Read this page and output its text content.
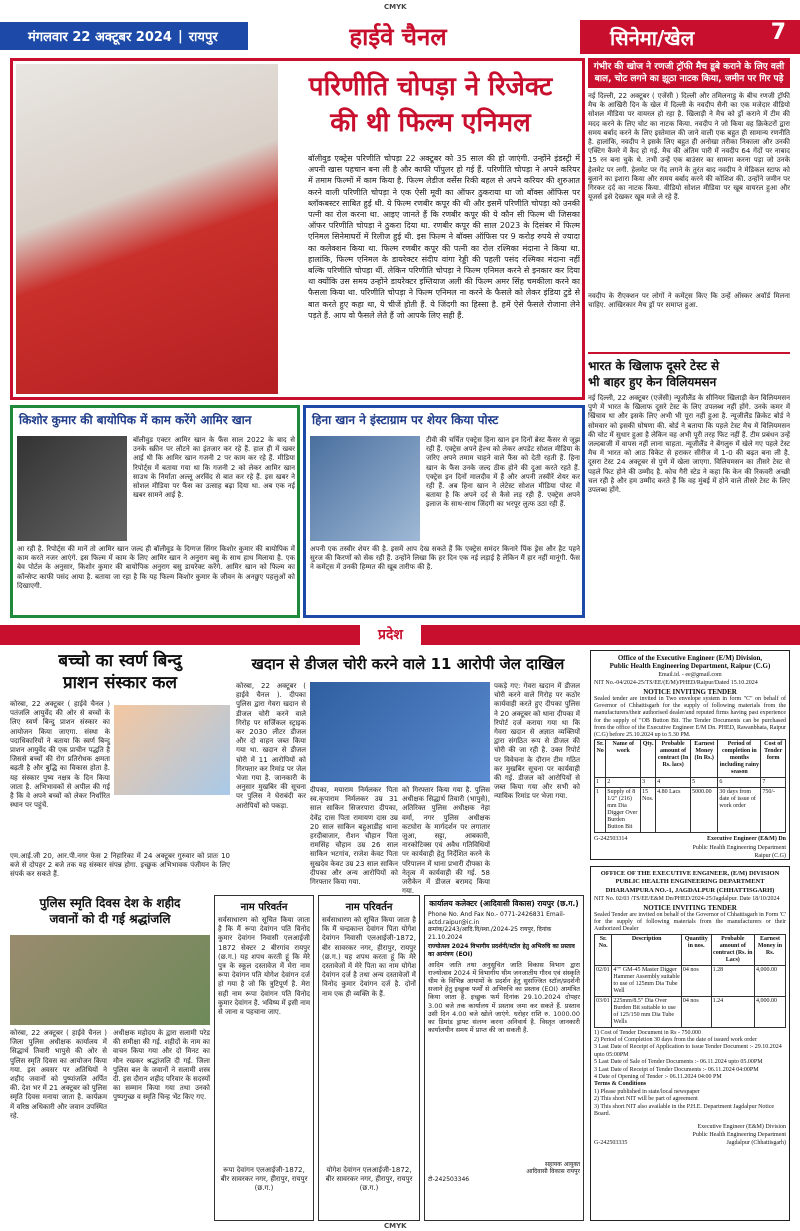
CMYK
मंगलवार 22 अक्टूबर 2024 | रायपुर	हाईवे चैनल	सिनेमा/खेल	7
परिणीति चोपड़ा ने रिजेक्ट
की थी फिल्म एनिमल
बॉलीवुड एक्ट्रेस परिणीति चोपड़ा 22 अक्टूबर को 35 साल की हो जाएंगी. उन्होंने इंडस्ट्री में अपनी खास पहचान बना ली है और काफी पॉपुलर हो गई हैं. परिणीति चोपड़ा ने अपने करियर में तमाम फिल्मों में काम किया है. फिल्म लेडीज वर्सेस रिकी बहल से अपने करियर की शुरुआत करने वाली परिणीति चोपड़ा ने एक ऐसी मूवी का ऑफर ठुकराया था जो बॉक्स ऑफिस पर ब्लॉकबस्टर साबित हुई थी. ये फिल्म रणबीर कपूर की थी और इसमें परिणीति चोपड़ा को उनकी पत्नी का रोल करना था. आइए जानते हैं कि रणबीर कपूर की ये कौन सी फिल्म थी जिसका ऑफर परिणीति चोपड़ा ने ठुकरा दिया था. रणबीर कपूर की साल 2023 के दिसंबर में फिल्म एनिमल सिनेमाघरों में रिलीज हुई थी. इस फिल्म ने बॉक्स ऑफिस पर 9 करोड़ रुपये से ज्यादा का कलेक्शन किया था. फिल्म रणबीर कपूर की पत्नी का रोल रश्मिका मंदाना ने किया था. हालांकि, फिल्म एनिमल के डायरेक्टर संदीप वांगा रेड्डी की पहली पसंद रश्मिका मंदाना नहीं बल्कि परिणीति चोपड़ा थीं. लेकिन परिणीति चोपड़ा ने फिल्म एनिमल करने से इनकार कर दिया था क्योंकि उस समय उन्होंने डायरेक्टर इम्तियाज अली की फिल्म अमर सिंह चमकीला करने का फैसला किया था. परिणीति चोपड़ा ने फिल्म एनिमल ना करने के फैसले को लेकर इंडिया टुडे से बात करते हुए कहा था, ये चीजें होती हैं. ये जिंदगी का हिस्सा है. हमें ऐसे फैसले रोजाना लेने पड़ते हैं. आप वो फैसले लेते हैं जो आपके लिए सही हैं.
गंभीर की खोज ने रणजी ट्रॉफी मैच डूबे कराने के लिए वली बाल, चोट लगने का झूठा नाटक किया, जमीन पर गिर पड़े
नई दिल्ली, 22 अक्टूबर ( एजेंसी ) दिल्ली और तमिलनाडु के बीच रणजी ट्रॉफी मैच के आखिरी दिन के खेल में दिल्ली के नवदीप सैनी का एक मजेदार वीडियो सोशल मीडिया पर वायरल हो रहा है. खिलाड़ी ने मैच को ड्रॉ कराने में टीम की मदद करने के लिए चोट का नाटक किया. नवदीप ने जो किया वह क्रिकेटरों द्वारा समय बर्बाद करने के लिए इस्तेमाल की जाने वाली एक बहुत ही सामान्य रणनीति है. हालांकि, नवदीप ने इसके लिए बहुत ही अनोखा तरीका निकाला और उनकी एक्टिंग कैमरे में कैद हो गई. मैच की अंतिम पारी में नवदीप 64 गेंदों पर नाबाद 15 रन बना चुके थे. तभी उन्हें एक बाउंसर का सामना करना पड़ा जो उनके हेलमेट पर लगी. हेलमेट पर गेंद लगने के तुरंत बाद नवदीप ने मेडिकल स्टाफ को बुलाने का इशारा किया और समय बर्बाद करने की कोशिश की. उन्होंने जमीन पर गिरकर दर्द का नाटक किया. वीडियो सोशल मीडिया पर खूब वायरल हुआ और यूजर्स इसे देखकर खूब मजे ले रहे हैं.
नवदीप के रीएक्शन पर लोगों ने कमेंट्स किए कि उन्हें ऑस्कर अवॉर्ड मिलना चाहिए. आखिरकार मैच ड्रॉ पर समाप्त हुआ.
भारत के खिलाफ दूसरे टेस्ट से
भी बाहर हुए केन विलियमसन
नई दिल्ली, 22 अक्टूबर (एजेंसी) न्यूजीलैंड के सीनियर खिलाड़ी केन विलियमसन पुणे में भारत के खिलाफ दूसरे टेस्ट के लिए उपलब्ध नहीं होंगे. उनके कमर में खिंचाव था और इसके लिए अभी भी पूरा नहीं हुआ है. न्यूजीलैंड क्रिकेट बोर्ड ने सोमवार को इसकी घोषणा की. बोर्ड ने बताया कि पहले टेस्ट मैच में विलियमसन की चोट में सुधार हुआ है लेकिन वह अभी पूरी तरह फिट नहीं हैं. टीम प्रबंधन उन्हें जल्दबाजी में वापस नहीं लाना चाहता. न्यूजीलैंड ने बेंगलुरु में खेले गए पहले टेस्ट मैच में भारत को आठ विकेट से हराकर सीरीज में 1-0 की बढ़त बना ली है. दूसरा टेस्ट 24 अक्टूबर से पुणे में खेला जाएगा. विलियमसन का तीसरे टेस्ट से पहले फिट होने की उम्मीद है. कोच गैरी स्टेड ने कहा कि केन की रिकवरी अच्छी चल रही है और हम उम्मीद करते हैं कि वह मुंबई में होने वाले तीसरे टेस्ट के लिए उपलब्ध होंगे.
किशोर कुमार की बायोपिक में काम करेंगे आमिर खान
बॉलीवुड एक्टर आमिर खान के फैंस साल 2022 के बाद से उनके स्क्रीन पर लौटने का इंतजार कर रहे हैं. हाल ही में खबर आई थी कि आमिर खान गजनी 2 पर काम कर रहे हैं. मीडिया रिपोर्ट्स में बताया गया था कि गजनी 2 को लेकर आमिर खान साउथ के निर्माता अल्लू अरविंद से बात कर रहे हैं. इस खबर ने सोशल मीडिया पर फैंस का उत्साह बढ़ा दिया था. अब एक नई खबर सामने आई है.
आ रही है. रिपोर्ट्स की मानें तो आमिर खान जल्द ही बॉलीवुड के दिग्गज सिंगर किशोर कुमार की बायोपिक में काम करते नजर आएंगे. इस फिल्म में काम के लिए आमिर खान ने अनुराग बसु के साथ हाथ मिलाया है. एक बेव पोर्टल के अनुसार, किशोर कुमार की बायोपिक अनुराग बसु डायरेक्ट करेंगे. आमिर खान को फिल्म का कॉन्सेप्ट काफी पसंद आया है. बताया जा रहा है कि यह फिल्म किशोर कुमार के जीवन के अनछुए पहलुओं को दिखाएगी.
हिना खान ने इंस्टाग्राम पर शेयर किया पोस्ट
टीवी की चर्चित एक्ट्रेस हिना खान इन दिनों ब्रेस्ट कैंसर से जूझ रही हैं. एक्ट्रेस अपने हेल्थ को लेकर अपडेट सोशल मीडिया के जरिए अपने तमाम चाहने वाले फैंस को देती रहती हैं. हिना खान के फैंस उनके जल्द ठीक होने की दुआ करते रहते हैं. एक्ट्रेस इन दिनों मालदीव में हैं और अपनी तस्वीरें शेयर कर रही हैं. अब हिना खान ने लेटेस्ट सोशल मीडिया पोस्ट में बताया है कि अपने दर्द से कैसे लड़ रही हैं. एक्ट्रेस अपने इलाज के साथ-साथ जिंदगी का भरपूर लुत्फ उठा रही हैं.
अपनी एक तस्वीर शेयर की है. इसमें आप देख सकते हैं कि एक्ट्रेस समंदर किनारे पिंक ड्रेस और हैट पहने सुरज की किरणों को सेंक रही हैं. उन्होंने लिखा कि हर दिन एक नई लड़ाई है लेकिन मैं हार नहीं मानूंगी. फैंस ने कमेंट्स में उनकी हिम्मत की खूब तारीफ की है.
प्रदेश
बच्चो का स्वर्ण बिन्दु
प्राशन संस्कार कल
कोरबा, 22 अक्टूबर ( हाईवे चैनल ) पतंजलि आयुर्वेद की ओर से बच्चों के लिए स्वर्ण बिन्दु प्राशन संस्कार का आयोजन किया जाएगा. संस्था के पदाधिकारियों ने बताया कि स्वर्ण बिन्दु प्राशन आयुर्वेद की एक प्राचीन पद्धति है जिससे बच्चों की रोग प्रतिरोधक क्षमता बढ़ती है और बुद्धि का विकास होता है. यह संस्कार पुष्य नक्षत्र के दिन किया जाता है. अभिभावकों से अपील की गई है कि वे अपने बच्चों को लेकर निर्धारित स्थान पर पहुंचें.
एम.आई.जी 20, आर.पी.नगर फेस 2 निहारिका में 24 अक्टूबर गुरुवार को प्रातः 10 बजे से दोपहर 2 बजे तक यह संस्कार संपन्न होगा. इच्छुक अभिभावक पंजीयन के लिए संपर्क कर सकते हैं.
खदान से डीजल चोरी करने वाले 11 आरोपी जेल दाखिल
कोरबा, 22 अक्टूबर ( हाईवे चैनल ). दीपका पुलिस द्वारा गेवरा खदान से डीजल चोरी करने वाले गिरोह पर सर्जिकल स्ट्राइक कर 2030 लीटर डीजल और दो वाहन जब्त किया गया था. खदान से डीजल चोरी में 11 आरोपियों को गिरफ्तार कर रिमांड पर जेल भेजा गया है. जानकारी के अनुसार मुखबिर की सूचना पर पुलिस ने घेराबंदी कर आरोपियों को पकड़ा.
दीपका, मयाराम निर्मलकर पिता स्व.कृपाराम निर्मलकर उम्र 31 साल साकिन सिजरपारा दीपका, देवेंद्र दास पिता रामायण दास उम्र 20 साल साकिन बहुआडीह थाना हरदीबाजार, रौशन चौहान पिता रामसिंह चौहान उम्र 26 साल साकिन भटगांव, राजेश केवट पिता सुखदेव केवट उम्र 23 साल साकिन दीपका और अन्य आरोपियों को गिरफ्तार किया गया.
को गिरफ्तार किया गया है. पुलिस अधीक्षक सिद्धार्थ तिवारी (भापुसे), अतिरिक्त पुलिस अधीक्षक नेहा वर्मा, नगर पुलिस अधीक्षक कटघोरा के मार्गदर्शन पर लगातार जुआ, सट्टा, आबकारी, नारकोटिक्स एवं अवैध गतिविधियों पर कार्यवाही हेतु निर्देशित करने के परिपालन में थाना प्रभारी दीपका के नेतृत्व में कार्यवाही की गई. 58 जरीकेन में डीजल बरामद किया गया.
पकड़े गए: गेवरा खदान में डीजल चोरी करने वाले गिरोह पर कठोर कार्यवाही करते हुए दीपका पुलिस ने 20 अक्टूबर को थाना दीपका में रिपोर्ट दर्ज कराया गया था कि गेवरा खदान से अज्ञात व्यक्तियों द्वारा संगठित रूप से डीजल की चोरी की जा रही है. उक्त रिपोर्ट पर विवेचना के दौरान टीम गठित कर मुखबिर सूचना पर कार्यवाही की गई. डीजल को आरोपियों से जब्त किया गया और सभी को न्यायिक रिमांड पर भेजा गया.
पुलिस स्मृति दिवस देश के शहीद
जवानों को दी गई श्रद्धांजलि
कोरबा, 22 अक्टूबर ( हाईवे चैनल ) जिला पुलिस अधीक्षक कार्यालय में सिद्धार्थ तिवारी भापुसे की ओर से पुलिस स्मृति दिवस का आयोजन किया गया. इस अवसर पर अतिथियों ने शहीद जवानों को पुष्पांजलि अर्पित की. देश भर में 21 अक्टूबर को पुलिस स्मृति दिवस मनाया जाता है. कार्यक्रम में वरिष्ठ अधिकारी और जवान उपस्थित रहे.
अधीक्षक महोदय के द्वारा सलामी परेड की समीक्षा की गई. शहीदों के नाम का वाचन किया गया और दो मिनट का मौन रखकर श्रद्धांजलि दी गई. जिला पुलिस बल के जवानों ने सलामी शस्त्र दी. इस दौरान शहीद परिवार के सदस्यों का सम्मान किया गया तथा उनको पुष्पगुच्छ व स्मृति चिन्ह भेंट किए गए.
नाम परिवर्तन
सर्वसाधारण को सूचित किया जाता है कि मैं रूपा देवांगन पति विनोद कुमार देवांगन निवासी एलआईजी 1872 सेक्टर 2 बीरगांव रायपुर (छ.ग.) यह शपथ करती हूं कि मेरे पुत्र के स्कूल दस्तावेज में मेरा नाम रूपा देवांगन पति योगेश देवांगन दर्ज हो गया है जो कि त्रुटिपूर्ण है. मेरा सही नाम रूपा देवांगन पति विनोद कुमार देवांगन है. भविष्य में इसी नाम से जाना व पहचाना जाए.
रूपा देवांगन एलआईजी-1872, बीर सावरकर नगर, हीरापुर, रायपुर (छ.ग.)
नाम परिवर्तन
सर्वसाधारण को सूचित किया जाता है कि मैं चन्द्रकान्त देवांगन पिता योगेश देवांगन निवासी एलआईजी-1872, बीर सावरकर नगर, हीरापुर, रायपुर (छ.ग.) यह शपथ करता हूं कि मेरे दस्तावेजों में मेरे पिता का नाम योगेश देवांगन दर्ज है तथा अन्य दस्तावेजों में विनोद कुमार देवांगन दर्ज है. दोनों नाम एक ही व्यक्ति के हैं.
योगेश देवांगन एलआईजी-1872, बीर सावरकर नगर, हीरापुर, रायपुर (छ.ग.)
कार्यालय कलेक्टर (आदिवासी विकास) रायपुर (छ.ग.)
Phone No. And Fax No.- 0771-2426831 Email-actd.raipur@ic.in
क्रमांक/2243/आदि.वि/स्था./2024-25 रायपुर, दिनांक 21.10.2024
राज्योत्सव 2024 विभागीय प्रदर्शनी/स्टॉल हेतु अभिरुचि का प्रस्ताव का आमंत्रण (EOI)
आदिम जाति तथा अनुसूचित जाति विकास विभाग द्वारा राज्योत्सव 2024 में विभागीय थीम जनजातीय गौरव एवं संस्कृति थीम के विभिन्न आयामों के प्रदर्शन हेतु सुसज्जित स्टॉल/प्रदर्शनी सजाने हेतु इच्छुक फर्मों से अभिरुचि का प्रस्ताव (EOI) आमंत्रित किया जाता है. इच्छुक फर्म दिनांक 29.10.2024 दोपहर 3.00 बजे तक कार्यालय में प्रस्ताव जमा कर सकते हैं. प्रस्ताव उसी दिन 4.00 बजे खोले जाएंगे. धरोहर राशि रु. 1000.00 का डिमांड ड्राफ्ट संलग्न करना अनिवार्य है. विस्तृत जानकारी कार्यालयीन समय में प्राप्त की जा सकती है.
सहायक आयुक्त
आदिवासी विकास रायपुर
टी-242503346
Office of the Executive Engineer (E/M) Division,
Public Health Engineering Department, Raipur (C.G)
Email.id. - ee@gmail.com
NIT No.-04/2024-25/TS/EE/(E/M)/PHED/Raipur/Dated 15.10.2024
NOTICE INVITING TENDER
Sealed tender are invited in Two envelope system in form "C" on behalf of Governor of Chhattisgarh for the supply of following materials from the manufacturers/their authorised dealer/and reputed firms having past experience for the supply of "OB Button Bit. The Tender Documents can be purchased from the office of the Executive Engineer E/M Dn. PHED, Rawanbhata, Raipur (C.G) before 25.10.2024 up to 5.30 PM.
Sr. No	Name of work	Qty.	Probable amount of contract (In Rs. lacs)	Earnest Money (In Rs.)	Period of completion in months including rainy season	Cost of Tender form
1	2	3	4	5	6	7
1	Supply of 8 1/2" (216) mm Dia Digger Over Burden Button Bit	15 Nos.	4.80 Lacs	5000.00	30 days from date of issue of work order	750/-
G-242503314	Executive Engineer (E&M) Dn
Public Health Engineering Department
Raipur (C.G)
OFFICE OF THE EXECUTIVE ENGINEER, (E/M) DIVISION
PUBLIC HEALTH ENGINEERING DEPARTMENT DHARAMPURA NO.-1, JAGDALPUR (CHHATTISGARH)
NIT No. 02/03 /TS/EE/E&M Dn/PHED/2024-25/Jagdalpur. Date 18/10/2024
NOTICE INVITING TENDER
Sealed Tender are invited on behalf of the Governor of Chhattisgarh in Form 'C' for the supply of following materials from the manufacturers or their Authorized Dealer
Sr. No.	Description	Quantity in nos.	Probable amount of contract (Rs. in Lacs)	Earnest Money in Rs.
02/01	4"" GM-45 Master Digger Hammer Assembly suitable to use of 125mm Dia Tube Well	04 nos	1.28	4,000.00
03/01	225mm/8.5" Dia Over Burden Bit suitable to use of 125/150 mm Dia Tube Wells	04 nos	1.24	4,000.00
1) Cost of Tender Document in Rs - 750.000
2) Period of Completion 30 days from the date of issued work order
3 Last Date of Receipt of Application to issue Tender Document :- 29.10.2024 upto 05:00PM
5 Last Date of Sale of Tender Documents :- 06.11.2024 upto 05.00PM
3 Last Date of Receipt of Tender Documents :- 06.11.2024 04:00PM
4 Date of Opening of Tender :- 06.11.2024 04:00 PM
Terms & Conditions
1) Please published in state/local newspaper
2) This short NIT will be part of agreement
3) This short NIT also available in the P.H.E. Department Jagdalpur Notice Board.
Executive Engineer (E&M) Division
Public Health Engineering Department
G-242503335	Jagdalpur (Chhattisgarh)
CMYK
